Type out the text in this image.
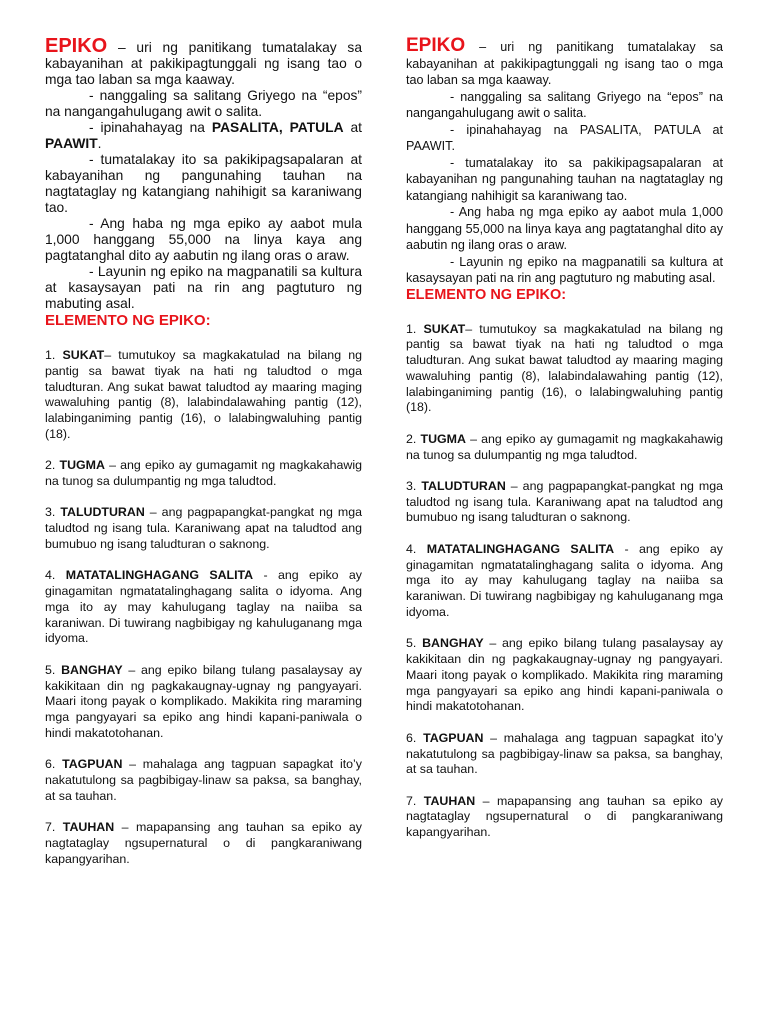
EPIKO – uri ng panitikang tumatalakay sa kabayanihan at pakikipagtunggali ng isang tao o mga tao laban sa mga kaaway.

- nanggaling sa salitang Griyego na “epos” na nangangahulugang awit o salita.

- ipinahahayag na PASALITA, PATULA at PAAWIT.

- tumatalakay ito sa pakikipagsapalaran at kabayanihan ng pangunahing tauhan na nagtataglay ng katangiang nahihigit sa karaniwang tao.

- Ang haba ng mga epiko ay aabot mula 1,000 hanggang 55,000 na linya kaya ang pagtatanghal dito ay aabutin ng ilang oras o araw.

- Layunin ng epiko na magpanatili sa kultura at kasaysayan pati na rin ang pagtuturo ng mabuting asal.

ELEMENTO NG EPIKO:

1. SUKAT– tumutukoy sa magkakatulad na bilang ng pantig sa bawat tiyak na hati ng taludtod o mga taludturan. Ang sukat bawat taludtod ay maaring maging wawaluhing pantig (8), lalabindalawahing pantig (12), lalabinganiming pantig (16), o lalabingwaluhing pantig (18).

2. TUGMA – ang epiko ay gumagamit ng magkakahawig na tunog sa dulumpantig ng mga taludtod.

3. TALUDTURAN – ang pagpapangkat-pangkat ng mga taludtod ng isang tula. Karaniwang apat na taludtod ang bumubuo ng isang taludturan o saknong.

4. MATATALINGHAGANG SALITA - ang epiko ay ginagamitan ngmatatalinghagang salita o idyoma. Ang mga ito ay may kahulugang taglay na naiiba sa karaniwan. Di tuwirang nagbibigay ng kahuluganang mga idyoma.

5. BANGHAY – ang epiko bilang tulang pasalaysay ay kakikitaan din ng pagkakaugnay-ugnay ng pangyayari. Maari itong payak o komplikado. Makikita ring maraming mga pangyayari sa epiko ang hindi kapani-paniwala o hindi makatotohanan.

6. TAGPUAN – mahalaga ang tagpuan sapagkat ito’y nakatutulong sa pagbibigay-linaw sa paksa, sa banghay, at sa tauhan.

7. TAUHAN – mapapansing ang tauhan sa epiko ay nagtataglay ngsupernatural o di pangkaraniwang kapangyarihan.

EPIKO – uri ng panitikang tumatalakay sa kabayanihan at pakikipagtunggali ng isang tao o mga tao laban sa mga kaaway.

- nanggaling sa salitang Griyego na “epos” na nangangahulugang awit o salita.

- ipinahahayag na PASALITA, PATULA at PAAWIT.

- tumatalakay ito sa pakikipagsapalaran at kabayanihan ng pangunahing tauhan na nagtataglay ng katangiang nahihigit sa karaniwang tao.

- Ang haba ng mga epiko ay aabot mula 1,000 hanggang 55,000 na linya kaya ang pagtatanghal dito ay aabutin ng ilang oras o araw.

- Layunin ng epiko na magpanatili sa kultura at kasaysayan pati na rin ang pagtuturo ng mabuting asal.

ELEMENTO NG EPIKO:

1. SUKAT– tumutukoy sa magkakatulad na bilang ng pantig sa bawat tiyak na hati ng taludtod o mga taludturan. Ang sukat bawat taludtod ay maaring maging wawaluhing pantig (8), lalabindalawahing pantig (12), lalabinganiming pantig (16), o lalabingwaluhing pantig (18).

2. TUGMA – ang epiko ay gumagamit ng magkakahawig na tunog sa dulumpantig ng mga taludtod.

3. TALUDTURAN – ang pagpapangkat-pangkat ng mga taludtod ng isang tula. Karaniwang apat na taludtod ang bumubuo ng isang taludturan o saknong.

4. MATATALINGHAGANG SALITA - ang epiko ay ginagamitan ngmatatalinghagang salita o idyoma. Ang mga ito ay may kahulugang taglay na naiiba sa karaniwan. Di tuwirang nagbibigay ng kahuluganang mga idyoma.

5. BANGHAY – ang epiko bilang tulang pasalaysay ay kakikitaan din ng pagkakaugnay-ugnay ng pangyayari. Maari itong payak o komplikado. Makikita ring maraming mga pangyayari sa epiko ang hindi kapani-paniwala o hindi makatotohanan.

6. TAGPUAN – mahalaga ang tagpuan sapagkat ito’y nakatutulong sa pagbibigay-linaw sa paksa, sa banghay, at sa tauhan.

7. TAUHAN – mapapansing ang tauhan sa epiko ay nagtataglay ngsupernatural o di pangkaraniwang kapangyarihan.
